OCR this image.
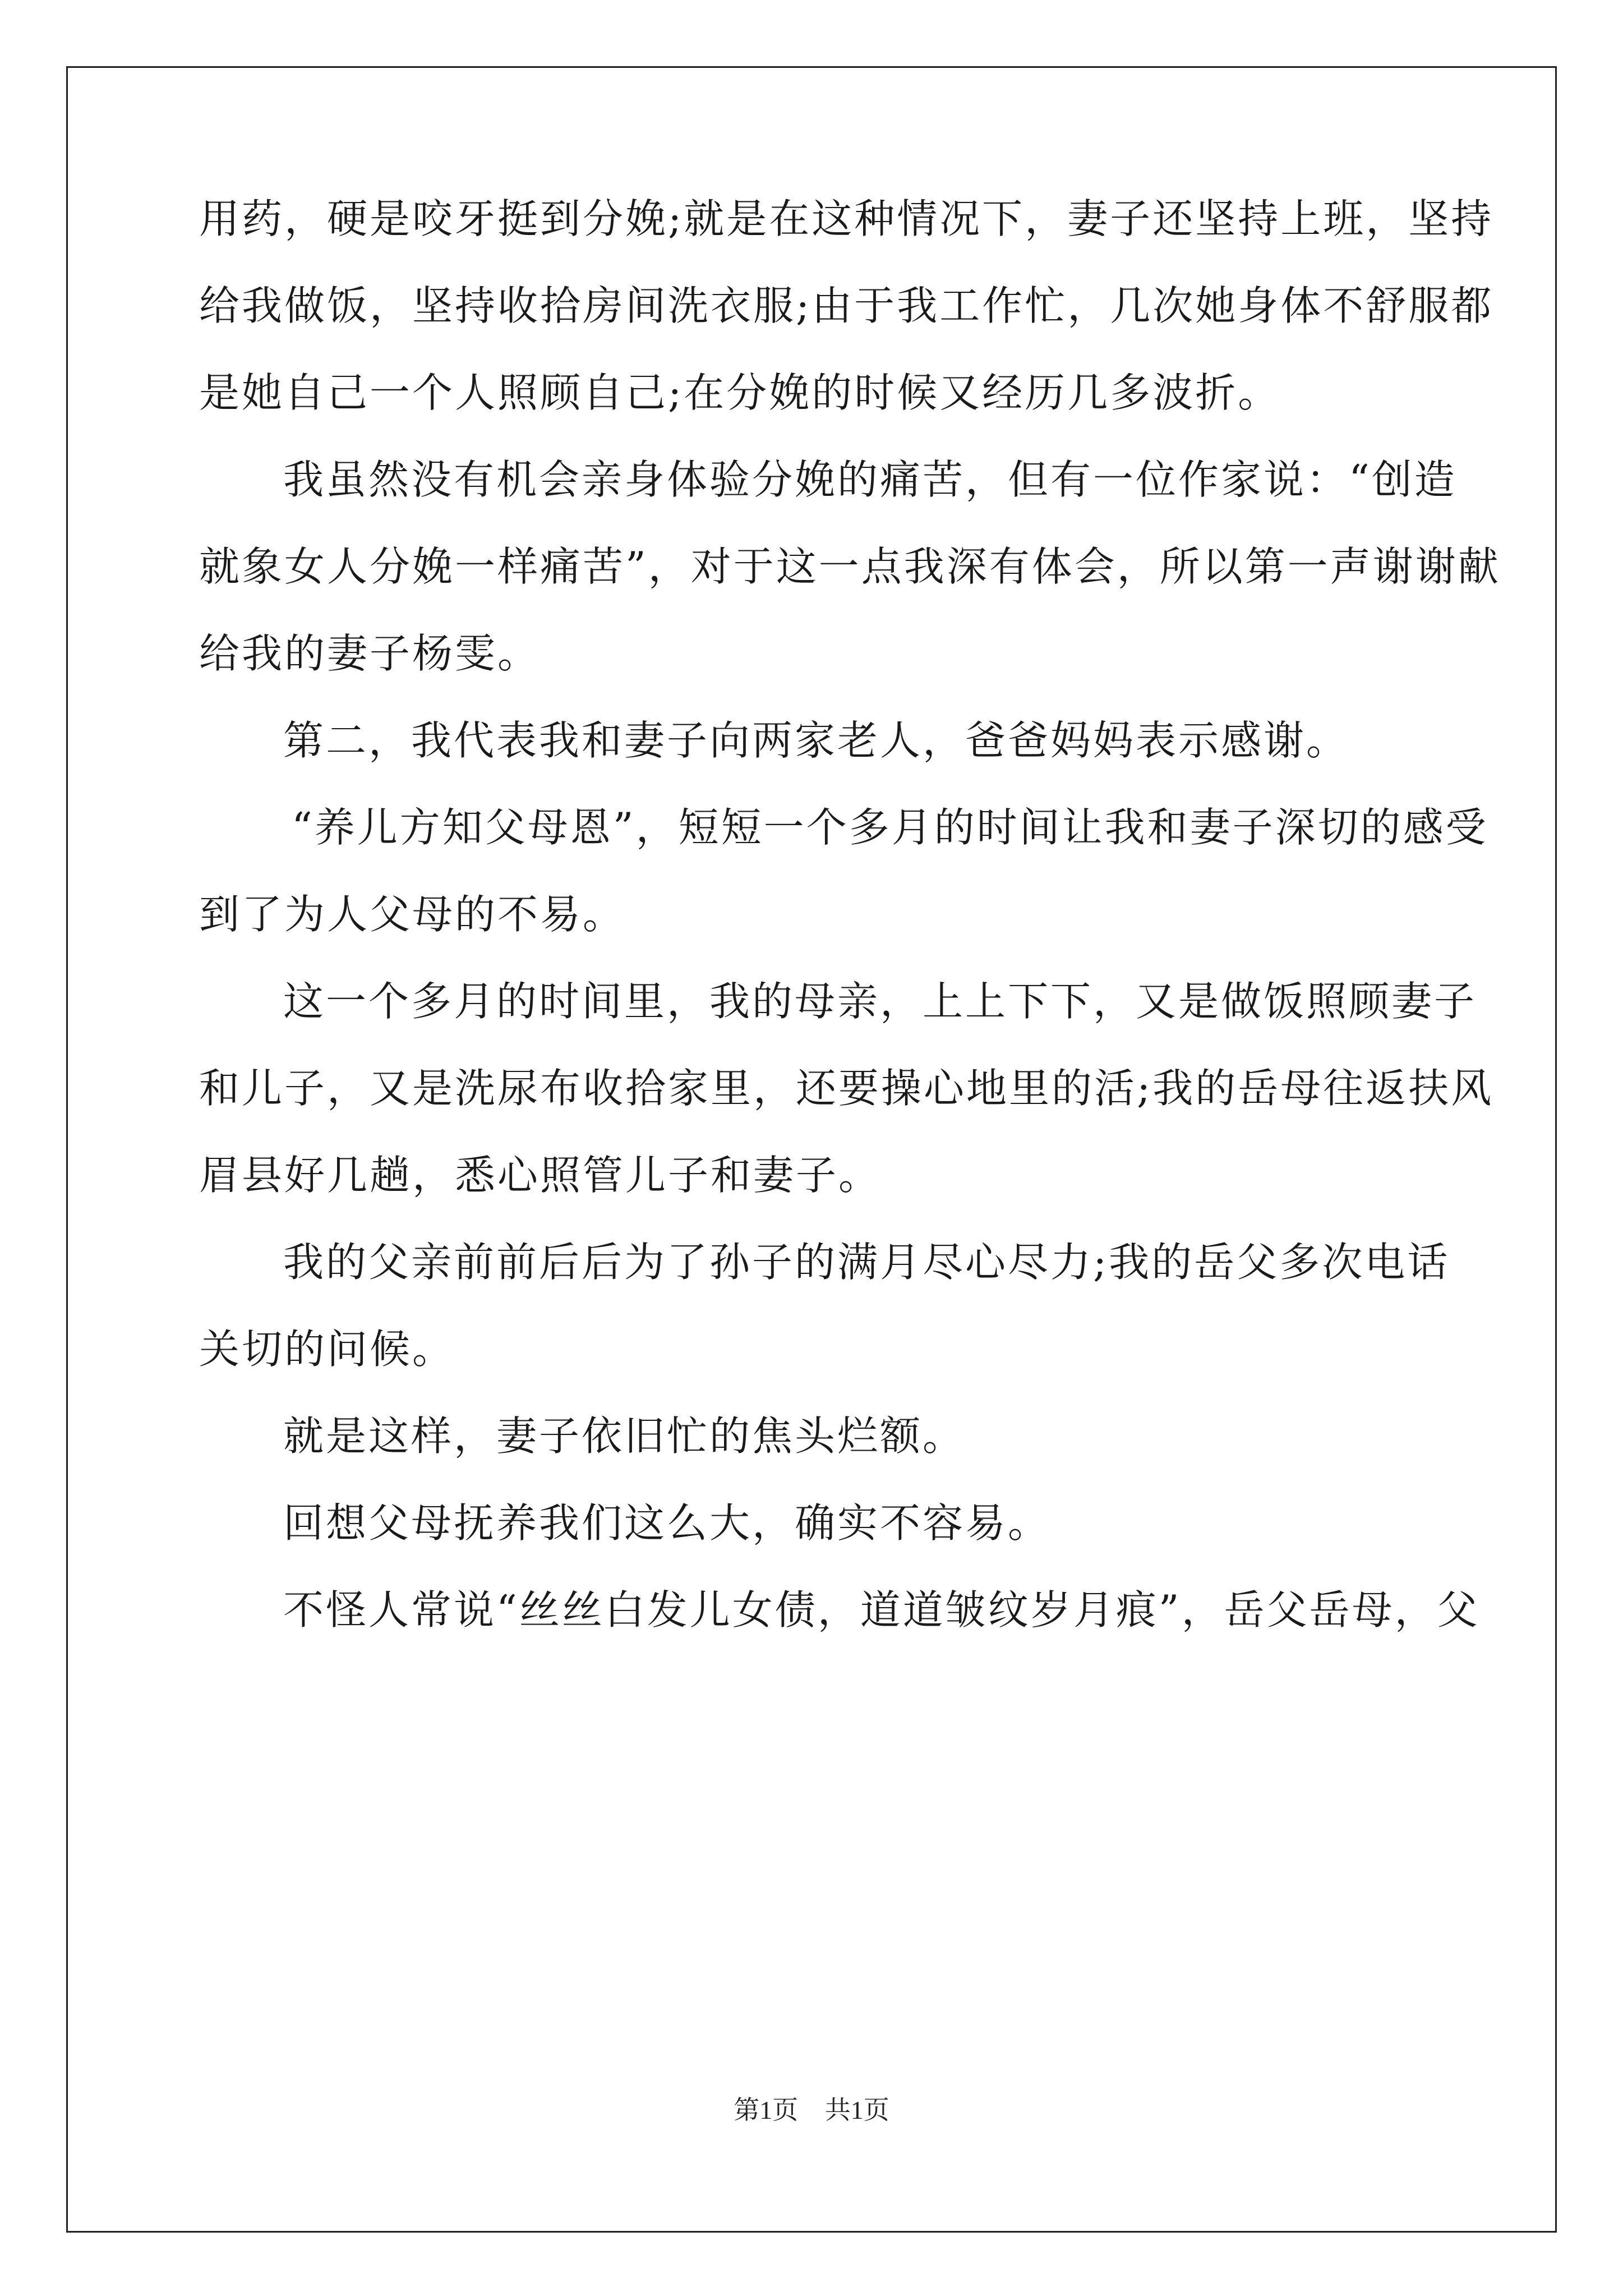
用药，硬是咬牙挺到分娩;就是在这种情况下，妻子还坚持上班，坚持
给我做饭，坚持收拾房间洗衣服;由于我工作忙，几次她身体不舒服都
是她自己一个人照顾自己;在分娩的时候又经历几多波折。
我虽然没有机会亲身体验分娩的痛苦，但有一位作家说：“创造
就象女人分娩一样痛苦”，对于这一点我深有体会，所以第一声谢谢献
给我的妻子杨雯。
第二，我代表我和妻子向两家老人，爸爸妈妈表示感谢。
“养儿方知父母恩”，短短一个多月的时间让我和妻子深切的感受
到了为人父母的不易。
这一个多月的时间里，我的母亲，上上下下，又是做饭照顾妻子
和儿子，又是洗尿布收拾家里，还要操心地里的活;我的岳母往返扶风
眉县好几趟，悉心照管儿子和妻子。
我的父亲前前后后为了孙子的满月尽心尽力;我的岳父多次电话
关切的问候。
就是这样，妻子依旧忙的焦头烂额。
回想父母抚养我们这么大，确实不容易。
不怪人常说“丝丝白发儿女债，道道皱纹岁月痕”，岳父岳母，父
第1页 共1页
